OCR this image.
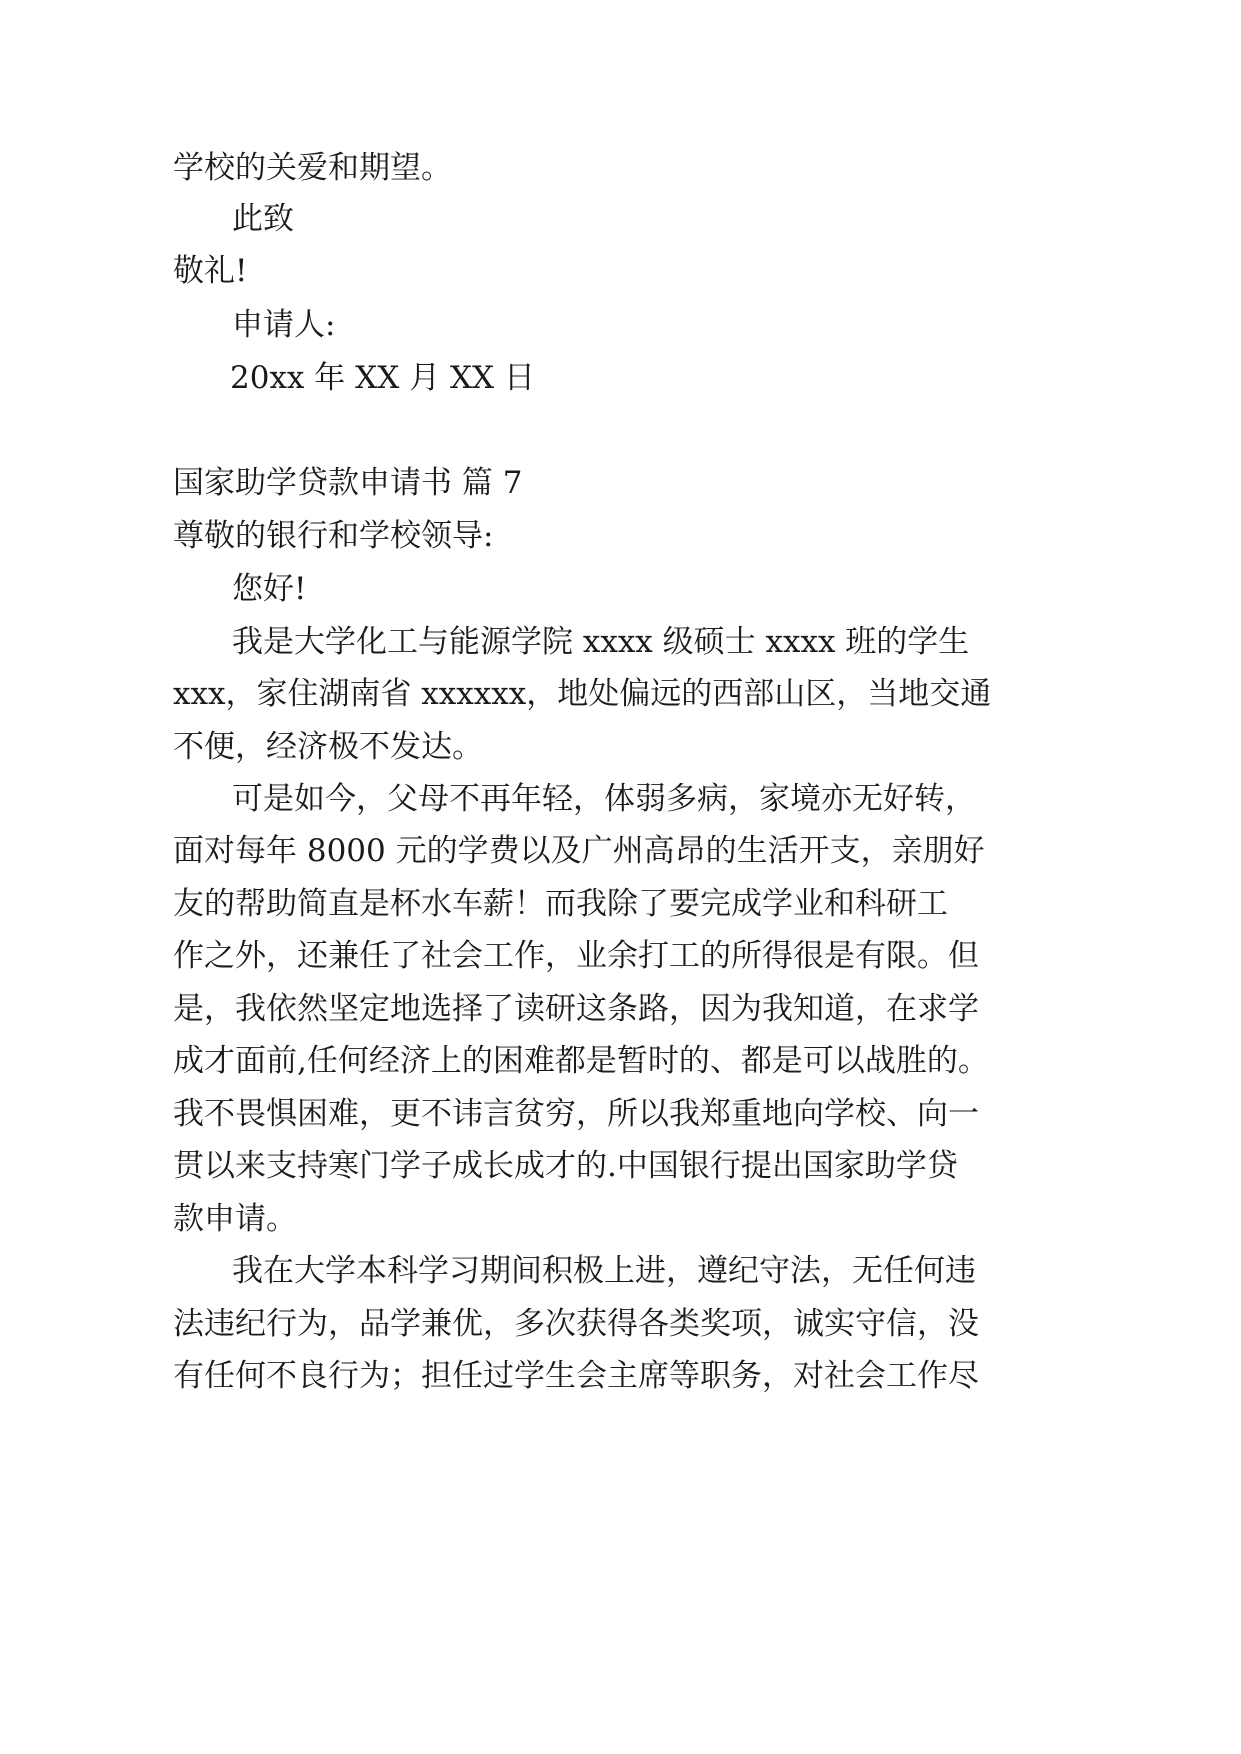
学校的关爱和期望。
此致
敬礼!
申请人:
20xx 年 XX 月 XX 日
国家助学贷款申请书 篇 7
尊敬的银行和学校领导:
您好!
我是大学化工与能源学院 xxxx 级硕士 xxxx 班的学生
xxx，家住湖南省 xxxxxx，地处偏远的西部山区，当地交通
不便，经济极不发达。
可是如今，父母不再年轻，体弱多病，家境亦无好转，
面对每年 8000 元的学费以及广州高昂的生活开支，亲朋好
友的帮助简直是杯水车薪！而我除了要完成学业和科研工
作之外，还兼任了社会工作，业余打工的所得很是有限。但
是，我依然坚定地选择了读研这条路，因为我知道，在求学
成才面前,任何经济上的困难都是暂时的、都是可以战胜的。
我不畏惧困难，更不讳言贫穷，所以我郑重地向学校、向一
贯以来支持寒门学子成长成才的.中国银行提出国家助学贷
款申请。
我在大学本科学习期间积极上进，遵纪守法，无任何违
法违纪行为，品学兼优，多次获得各类奖项，诚实守信，没
有任何不良行为；担任过学生会主席等职务，对社会工作尽
